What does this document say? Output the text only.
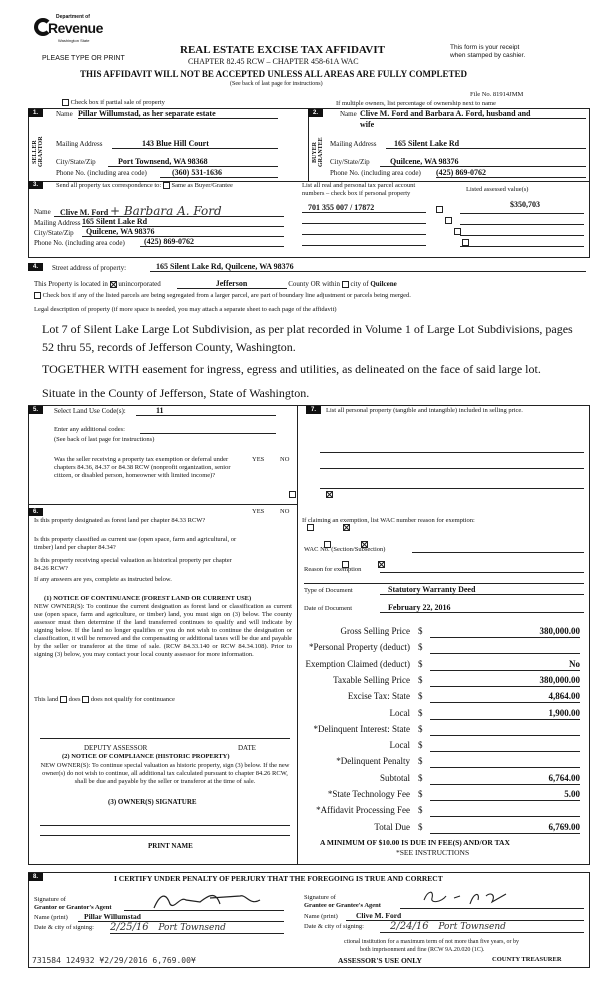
Department of
Revenue
Washington State
PLEASE TYPE OR PRINT
REAL ESTATE EXCISE TAX AFFIDAVIT
CHAPTER 82.45 RCW – CHAPTER 458-61A WAC
THIS AFFIDAVIT WILL NOT BE ACCEPTED UNLESS ALL AREAS ARE FULLY COMPLETED
(See back of last page for instructions)
This form is your receipt
when stamped by cashier.
File No. 81914JMM
Check box if partial sale of property	If multiple owners, list percentage of ownership next to name
1.
SELLER GRANTOR
Name Pillar Willumstad, as her separate estate
Mailing Address	143 Blue Hill Court
City/State/Zip	Port Townsend, WA 98368
Phone No. (including area code)	(360) 531-1636
2.
BUYER GRANTEE
Name Clive M. Ford and Barbara A. Ford, husband and
wife
Mailing Address	165 Silent Lake Rd
City/State/Zip	Quilcene, WA 98376
Phone No. (including area code) (425) 869-0762
3.	Send all property tax correspondence to: Same as Buyer/Grantee
Name	Clive M. Ford + Barbara A. Ford
Mailing Address 165 Silent Lake Rd
City/State/Zip	Quilcene, WA 98376
Phone No. (including area code)	(425) 869-0762
List all real and personal tax parcel account
numbers – check box if personal property
Listed assessed value(s)
701 355 007 / 17872	$350,703

4.	Street address of property:	165 Silent Lake Rd, Quilcene, WA 98376
This Property is located in unincorporated	Jefferson	County OR within city of Quilcene
Check box if any of the listed parcels are being segregated from a larger parcel, are part of boundary line adjustment or parcels being merged.
Legal description of property (if more space is needed, you may attach a separate sheet to each page of the affidavit)
Lot 7 of Silent Lake Large Lot Subdivision, as per plat recorded in Volume 1 of Large Lot Subdivisions, pages 52 thru 55, records of Jefferson County, Washington.
TOGETHER WITH easement for ingress, egress and utilities, as delineated on the face of said large lot.
Situate in the County of Jefferson, State of Washington.
5.	Select Land Use Code(s):	11
Enter any additional codes:
(See back of last page for instructions)
Was the seller receiving a property tax exemption or deferral under chapters 84.36, 84.37 or 84.38 RCW (nonprofit organization, senior citizen, or disabled person, homeowner with limited income)?
YES NO

6.	YES NO
Is this property designated as forest land per chapter 84.33 RCW?

Is this property classified as current use (open space, farm and agricultural, or timber) land per chapter 84.34?

Is this property receiving special valuation as historical property per chapter 84.26 RCW?

If any answers are yes, complete as instructed below.
(1) NOTICE OF CONTINUANCE (FOREST LAND OR CURRENT USE)
NEW OWNER(S): To continue the current designation as forest land or classification as current use (open space, farm and agriculture, or timber) land, you must sign on (3) below. The county assessor must then determine if the land transferred continues to qualify and will indicate by signing below. If the land no longer qualifies or you do not wish to continue the designation or classification, it will be removed and the compensating or additional taxes will be due and payable by the seller or transferor at the time of sale. (RCW 84.33.140 or RCW 84.34.108). Prior to signing (3) below, you may contact your local county assessor for more information.
This land does does not qualify for continuance
DEPUTY ASSESSOR	DATE
(2) NOTICE OF COMPLIANCE (HISTORIC PROPERTY)
NEW OWNER(S): To continue special valuation as historic property, sign (3) below. If the new owner(s) do not wish to continue, all additional tax calculated pursuant to chapter 84.26 RCW, shall be due and payable by the seller or transferor at the time of sale.
(3) OWNER(S) SIGNATURE
PRINT NAME
7.	List all personal property (tangible and intangible) included in selling price.
If claiming an exemption, list WAC number reason for exemption:
WAC No. (Section/Subsection)
Reason for exemption
Type of Document	Statutory Warranty Deed
Date of Document	February 22, 2016
Gross Selling Price $	380,000.00
*Personal Property (deduct) $
Exemption Claimed (deduct) $	No
Taxable Selling Price $	380,000.00
Excise Tax: State $	4,864.00
Local $	1,900.00
*Delinquent Interest: State $
Local $
*Delinquent Penalty $
Subtotal $	6,764.00
*State Technology Fee $	5.00
*Affidavit Processing Fee $
Total Due $	6,769.00
A MINIMUM OF $10.00 IS DUE IN FEE(S) AND/OR TAX
*SEE INSTRUCTIONS
8.	I CERTIFY UNDER PENALTY OF PERJURY THAT THE FOREGOING IS TRUE AND CORRECT
Signature of
Grantor or Grantor's Agent
Name (print)	Pillar Willumstad
Date & city of signing: 2/25/16 Port Townsend
Signature of
Grantee or Grantee's Agent
Name (print)	Clive M. Ford
Date & city of signing:	2/24/16 Port Townsend
ctional institution for a maximum term of not more than five years, or by
both imprisonment and fine (RCW 9A.20.020 (1C).
731584 124932 ¥2/29/2016 6,769.00¥	ASSESSOR'S USE ONLY	COUNTY TREASURER
